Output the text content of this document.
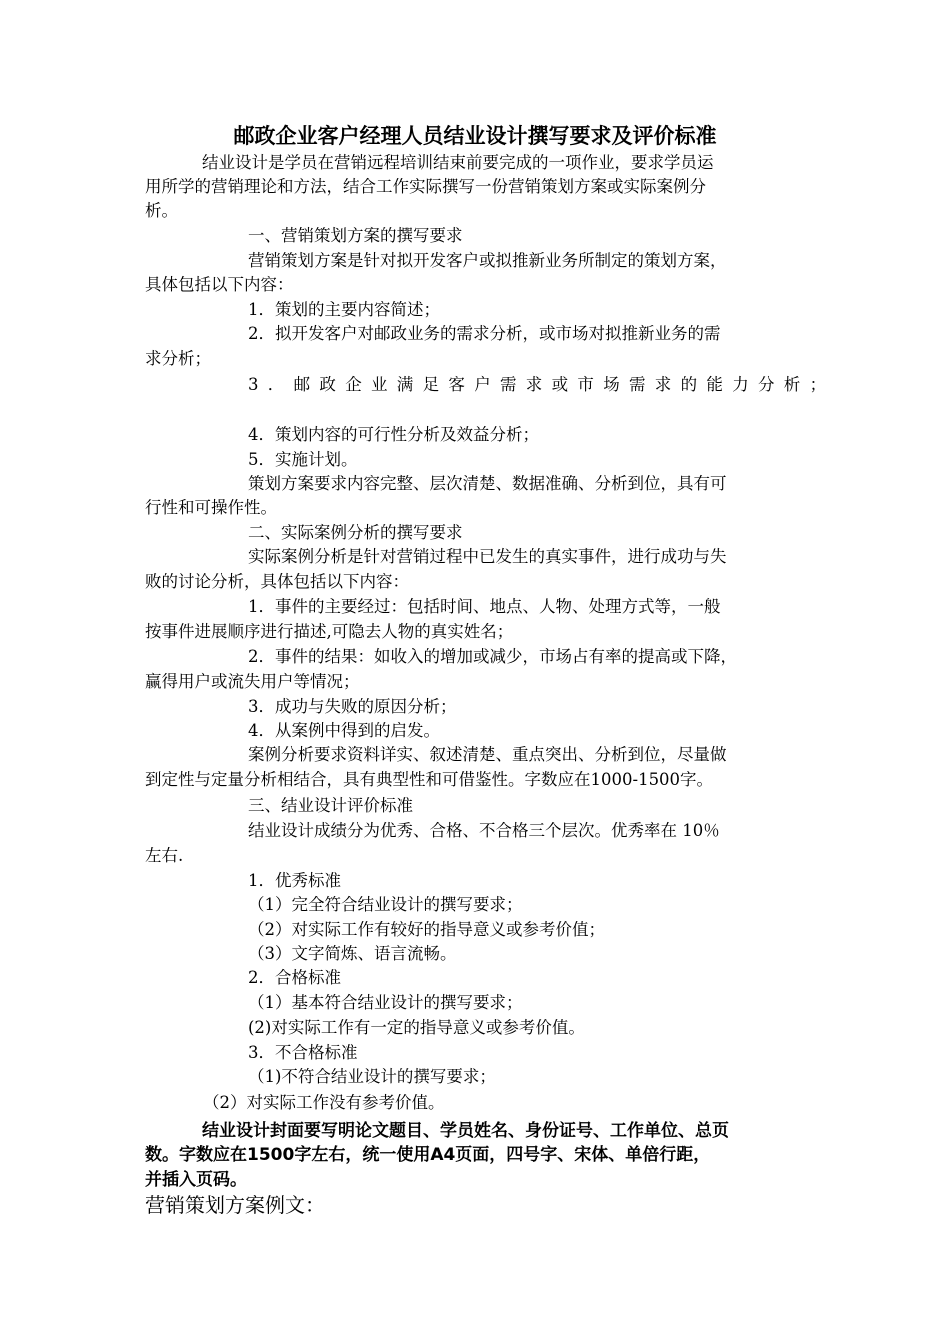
邮政企业客户经理人员结业设计撰写要求及评价标准
结业设计是学员在营销远程培训结束前要完成的一项作业，要求学员运
用所学的营销理论和方法，结合工作实际撰写一份营销策划方案或实际案例分
析。
一、营销策划方案的撰写要求
营销策划方案是针对拟开发客户或拟推新业务所制定的策划方案，
具体包括以下内容：
1．策划的主要内容简述；
2．拟开发客户对邮政业务的需求分析，或市场对拟推新业务的需
求分析；
3．邮政企业满足客户需求或市场需求的能力分析；
4．策划内容的可行性分析及效益分析；
5．实施计划。
策划方案要求内容完整、层次清楚、数据准确、分析到位，具有可
行性和可操作性。
二、实际案例分析的撰写要求
实际案例分析是针对营销过程中已发生的真实事件，进行成功与失
败的讨论分析，具体包括以下内容：
1．事件的主要经过：包括时间、地点、人物、处理方式等，一般
按事件进展顺序进行描述,可隐去人物的真实姓名；
2．事件的结果：如收入的增加或减少，市场占有率的提高或下降，
赢得用户或流失用户等情况；
3．成功与失败的原因分析；
4．从案例中得到的启发。
案例分析要求资料详实、叙述清楚、重点突出、分析到位，尽量做
到定性与定量分析相结合，具有典型性和可借鉴性。字数应在1000-1500字。
三、结业设计评价标准
结业设计成绩分为优秀、合格、不合格三个层次。优秀率在 10％
左右.
1．优秀标准
（1）完全符合结业设计的撰写要求；
（2）对实际工作有较好的指导意义或参考价值；
（3）文字简炼、语言流畅。
2．合格标准
（1）基本符合结业设计的撰写要求；
(2)对实际工作有一定的指导意义或参考价值。
3．不合格标准
（1)不符合结业设计的撰写要求；
（2）对实际工作没有参考价值。
结业设计封面要写明论文题目、学员姓名、身份证号、工作单位、总页
数。字数应在1500字左右，统一使用A4页面，四号字、宋体、单倍行距，
并插入页码。
营销策划方案例文：
